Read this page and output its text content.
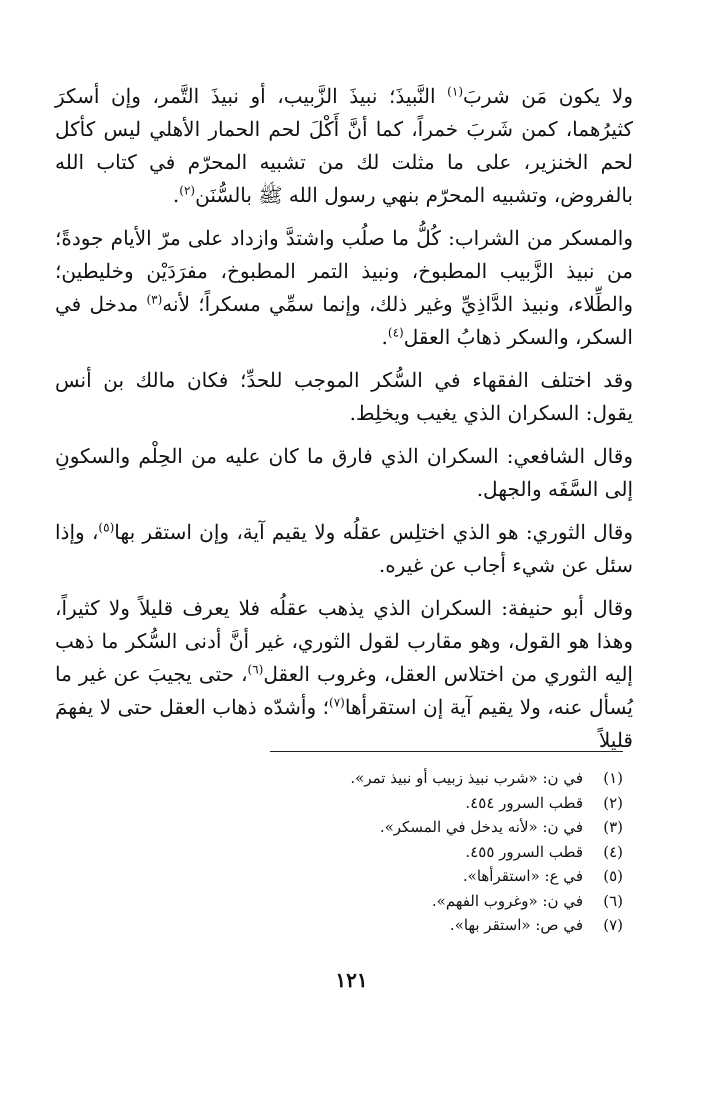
ولا يكون مَن شربَ$^{(١)}$ النَّبيذَ؛ نبيذَ الزَّبيب، أو نبيذَ التَّمر، وإن أسكرَ كثيرُهما، كمن شَربَ خمراً، كما أنَّ أَكْلَ لحم الحمار الأهلي ليس كأكل لحم الخنزير، على ما مثلت لك من تشبيه المحرّم في كتاب الله بالفروض، وتشبيه المحرّم بنهي رسول الله ﷺ بالسُّنَن$^{(٢)}$.

والمسكر من الشراب: كُلُّ ما صلُب واشتدَّ وازداد على مرّ الأيام جودةً؛ من نبيذ الزَّبيب المطبوخ، ونبيذ التمر المطبوخ، مفرَدَيْن وخليطين؛ والطِّلاء، ونبيذ الدَّاذِيِّ وغير ذلك، وإنما سمِّي مسكراً؛ لأنه$^{(٣)}$ مدخل في السكر، والسكر ذهابُ العقل$^{(٤)}$.

وقد اختلف الفقهاء في السُّكر الموجب للحدِّ؛ فكان مالك بن أنس يقول: السكران الذي يغيب ويخلِط.

وقال الشافعي: السكران الذي فارق ما كان عليه من الحِلْم والسكونِ إلى السَّفَه والجهل.

وقال الثوري: هو الذي اختلِس عقلُه ولا يقيم آية، وإن استقر بها$^{(٥)}$، وإذا سئل عن شيء أجاب عن غيره.

وقال أبو حنيفة: السكران الذي يذهب عقلُه فلا يعرف قليلاً ولا كثيراً، وهذا هو القول، وهو مقارب لقول الثوري، غير أنَّ أدنى السُّكر ما ذهب إليه الثوري من اختلاس العقل، وغروب العقل$^{(٦)}$، حتى يجيبَ عن غير ما يُسأل عنه، ولا يقيم آية إن استقرأها$^{(٧)}$؛ وأشدّه ذهاب العقل حتى لا يفهمَ قليلاً

(١)
في ن: «شرب نبيذ زبيب أو نبيذ تمر».
(٢)
قطب السرور ٤٥٤.
(٣)
في ن: «لأنه يدخل في المسكر».
(٤)
قطب السرور ٤٥٥.
(٥)
في ع: «استقرأها».
(٦)
في ن: «وغروب الفهم».
(٧)
في ص: «استقر بها».
١٢١
